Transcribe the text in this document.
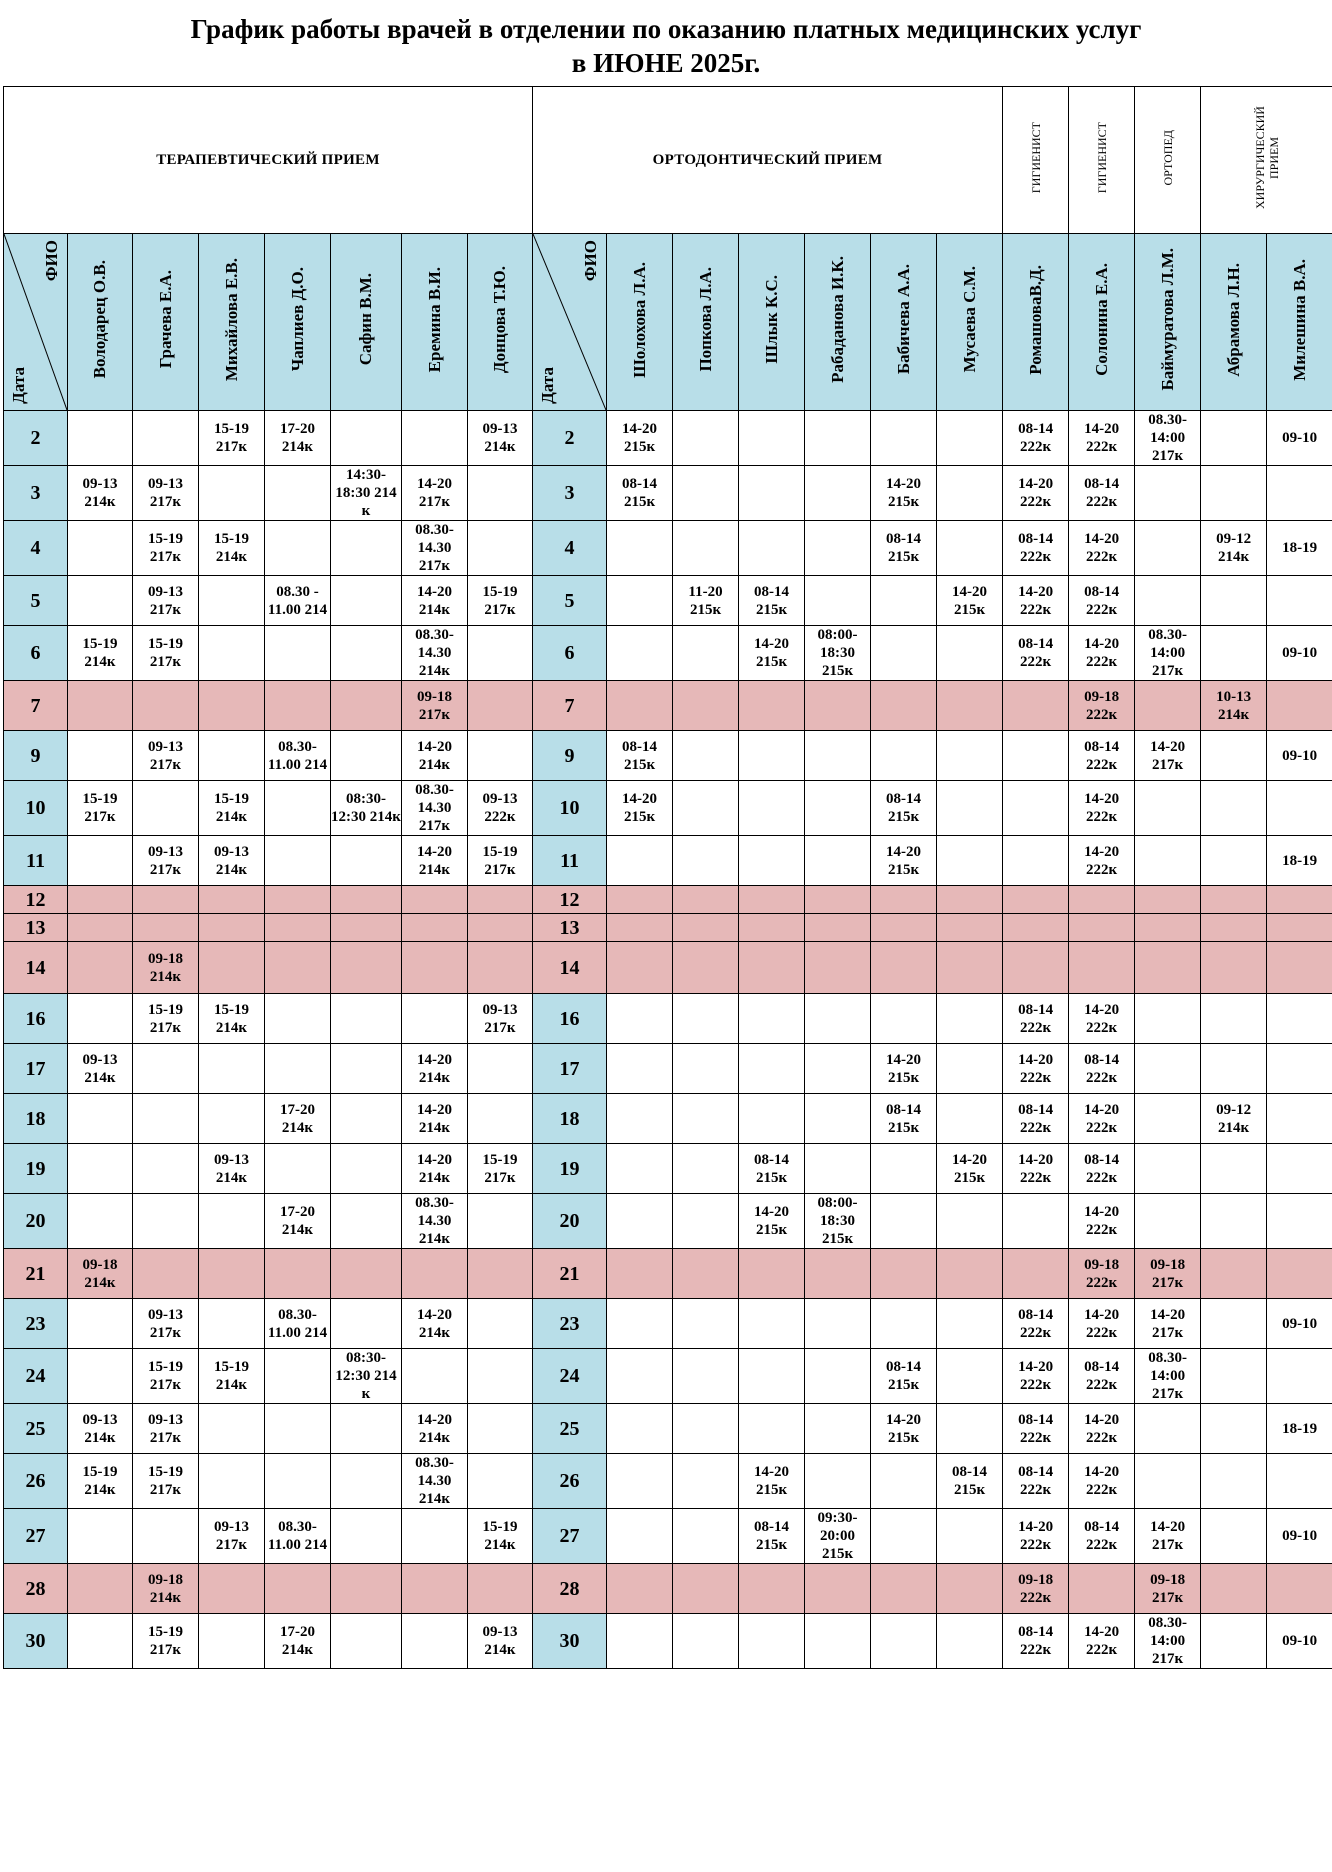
График работы врачей в отделении по оказанию платных медицинских услуг
в ИЮНЕ 2025г.
ТЕРАПЕВТИЧЕСКИЙ ПРИЕМ								ОРТОДОНТИЧЕСКИЙ ПРИЕМ							ГИГИЕНИСТ	ГИГИЕНИСТ	ОРТОПЕД	ХИРУРГИЧЕСКИЙ ПРИЕМ	

ФИО
Дата	Володарец О.В.	Грачева Е.А.	Михайлова Е.В.	Чаплиев Д.О.	Сафин В.М.	Еремина В.И.	Донцова Т.Ю.	ФИО
Дата	Шолохова Л.А.	Попкова Л.А.	Шлык К.С.	Рабаданова И.К.	Бабичева А.А.	Мусаева С.М.	РомашоваВ.Д.	Солонина Е.А.	Баймуратова Л.М.	Абрамова Л.Н.	Милешина В.А.
2			15-19 217к	17-20 214к			09-13 214к	2	14-20 215к						08-14 222к	14-20 222к	08.30- 14:00 217к		09-10
3	09-13 214к	09-13 217к			14:30- 18:30 214 к	14-20 217к		3	08-14 215к				14-20 215к		14-20 222к	08-14 222к			
4		15-19 217к	15-19 214к			08.30- 14.30 217к		4					08-14 215к		08-14 222к	14-20 222к		09-12 214к	18-19
5		09-13 217к		08.30 - 11.00 214		14-20 214к	15-19 217к	5		11-20 215к	08-14 215к			14-20 215к	14-20 222к	08-14 222к			
6	15-19 214к	15-19 217к				08.30- 14.30 214к		6			14-20 215к	08:00- 18:30 215к			08-14 222к	14-20 222к	08.30- 14:00 217к		09-10
7						09-18 217к		7								09-18 222к		10-13 214к	
9		09-13 217к		08.30- 11.00 214		14-20 214к		9	08-14 215к							08-14 222к	14-20 217к		09-10
10	15-19 217к		15-19 214к		08:30- 12:30 214к	08.30- 14.30 217к	09-13 222к	10	14-20 215к				08-14 215к			14-20 222к			
11		09-13 217к	09-13 214к			14-20 214к	15-19 217к	11					14-20 215к			14-20 222к			18-19
12								12											
13								13											
14		09-18 214к						14											
16		15-19 217к	15-19 214к				09-13 217к	16							08-14 222к	14-20 222к			
17	09-13 214к					14-20 214к		17					14-20 215к		14-20 222к	08-14 222к			
18				17-20 214к		14-20 214к		18					08-14 215к		08-14 222к	14-20 222к		09-12 214к	
19			09-13 214к			14-20 214к	15-19 217к	19			08-14 215к			14-20 215к	14-20 222к	08-14 222к			
20				17-20 214к		08.30- 14.30 214к		20			14-20 215к	08:00- 18:30 215к				14-20 222к			
21	09-18 214к							21								09-18 222к	09-18 217к		
23		09-13 217к		08.30- 11.00 214		14-20 214к		23							08-14 222к	14-20 222к	14-20 217к		09-10
24		15-19 217к	15-19 214к		08:30- 12:30 214 к			24					08-14 215к		14-20 222к	08-14 222к	08.30- 14:00 217к		
25	09-13 214к	09-13 217к				14-20 214к		25					14-20 215к		08-14 222к	14-20 222к			18-19
26	15-19 214к	15-19 217к				08.30- 14.30 214к		26			14-20 215к			08-14 215к	08-14 222к	14-20 222к			
27			09-13 217к	08.30- 11.00 214			15-19 214к	27			08-14 215к	09:30- 20:00 215к			14-20 222к	08-14 222к	14-20 217к		09-10
28		09-18 214к						28							09-18 222к		09-18 217к		
30		15-19 217к		17-20 214к			09-13 214к	30							08-14 222к	14-20 222к	08.30- 14:00 217к		09-10
